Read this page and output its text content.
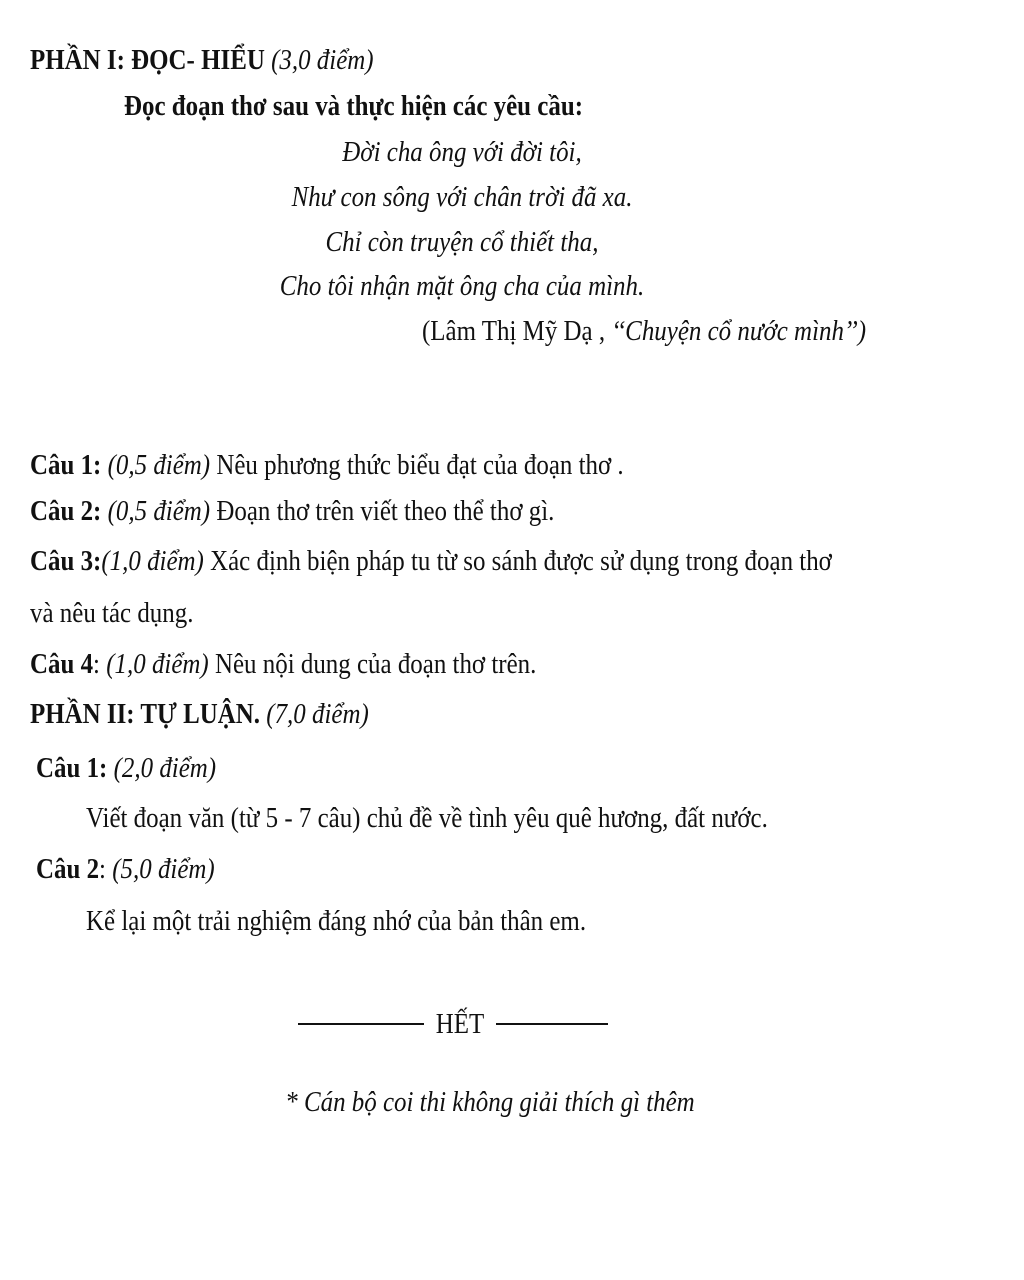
PHẦN I: ĐỌC- HIỂU (3,0 điểm)
Đọc đoạn thơ sau và thực hiện các yêu cầu:
Đời cha ông với đời tôi,
Như con sông với chân trời đã xa.
Chỉ còn truyện cổ thiết tha,
Cho tôi nhận mặt ông cha của mình.
(Lâm Thị Mỹ Dạ , ‘‘Chuyện cổ nước mình’’)
Câu 1: (0,5 điểm) Nêu phương thức biểu đạt của đoạn thơ .
Câu 2: (0,5 điểm) Đoạn thơ trên viết theo thể thơ gì.
Câu 3:(1,0 điểm) Xác định biện pháp tu từ so sánh được sử dụng trong đoạn thơ
và nêu tác dụng.
Câu 4: (1,0 điểm) Nêu nội dung của đoạn thơ trên.
PHẦN II: TỰ LUẬN. (7,0 điểm)
Câu 1: (2,0 điểm)
Viết đoạn văn (từ 5 - 7 câu) chủ đề về tình yêu quê hương, đất nước.
Câu 2: (5,0 điểm)
Kể lại một trải nghiệm đáng nhớ của bản thân em.
HẾT
* Cán bộ coi thi không giải thích gì thêm
